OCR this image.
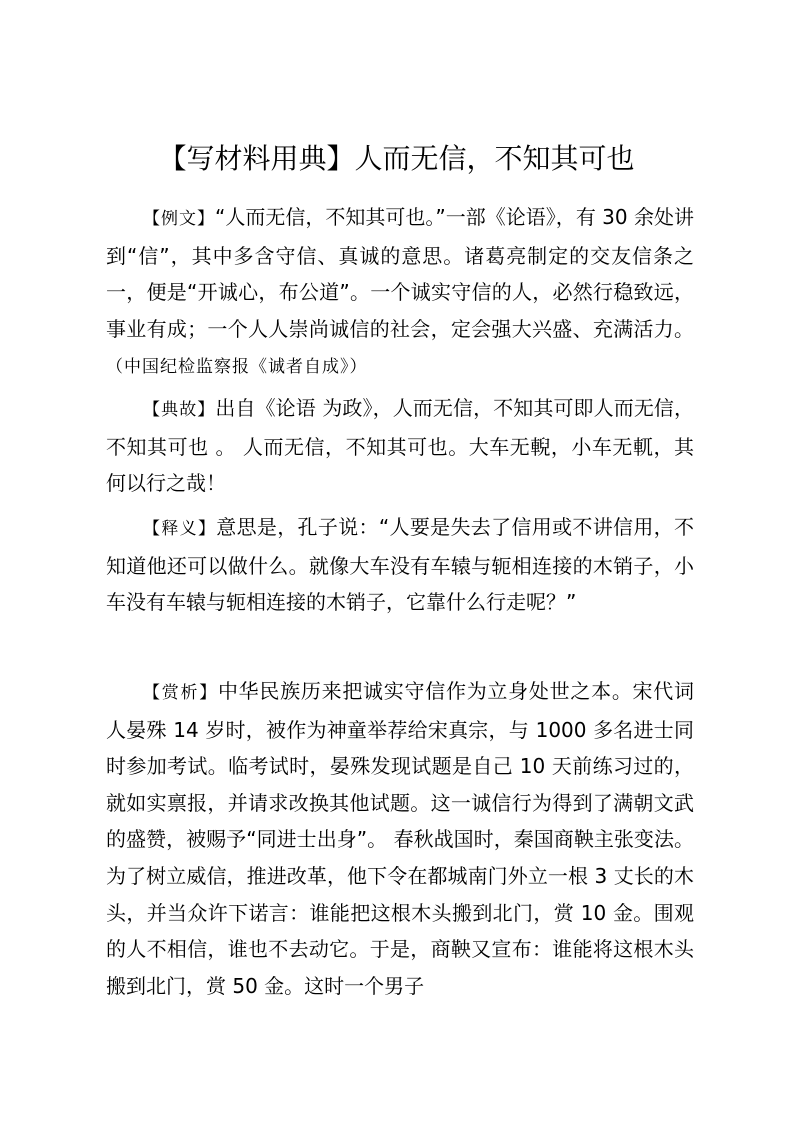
【写材料用典】人而无信，不知其可也

【例文】“人而无信，不知其可也。”一部《论语》，有 30 余处讲到“信”，其中多含守信、真诚的意思。诸葛亮制定的交友信条之一，便是“开诚心，布公道”。一个诚实守信的人，必然行稳致远，事业有成；一个人人崇尚诚信的社会，定会强大兴盛、充满活力。（中国纪检监察报《诚者自成》）

【典故】出自《论语 为政》，人而无信，不知其可即人而无信，不知其可也 。 人而无信，不知其可也。大车无輗，小车无軏，其何以行之哉！

【释义】意思是，孔子说：“人要是失去了信用或不讲信用，不知道他还可以做什么。就像大车没有车辕与轭相连接的木销子，小车没有车辕与轭相连接的木销子，它靠什么行走呢？”

【赏析】中华民族历来把诚实守信作为立身处世之本。宋代词人晏殊 14 岁时，被作为神童举荐给宋真宗，与 1000 多名进士同时参加考试。临考试时，晏殊发现试题是自己 10 天前练习过的，就如实禀报，并请求改换其他试题。这一诚信行为得到了满朝文武的盛赞，被赐予“同进士出身”。 春秋战国时，秦国商鞅主张变法。为了树立威信，推进改革，他下令在都城南门外立一根 3 丈长的木头，并当众许下诺言：谁能把这根木头搬到北门，赏 10 金。围观的人不相信，谁也不去动它。于是，商鞅又宣布：谁能将这根木头搬到北门，赏 50 金。这时一个男子
